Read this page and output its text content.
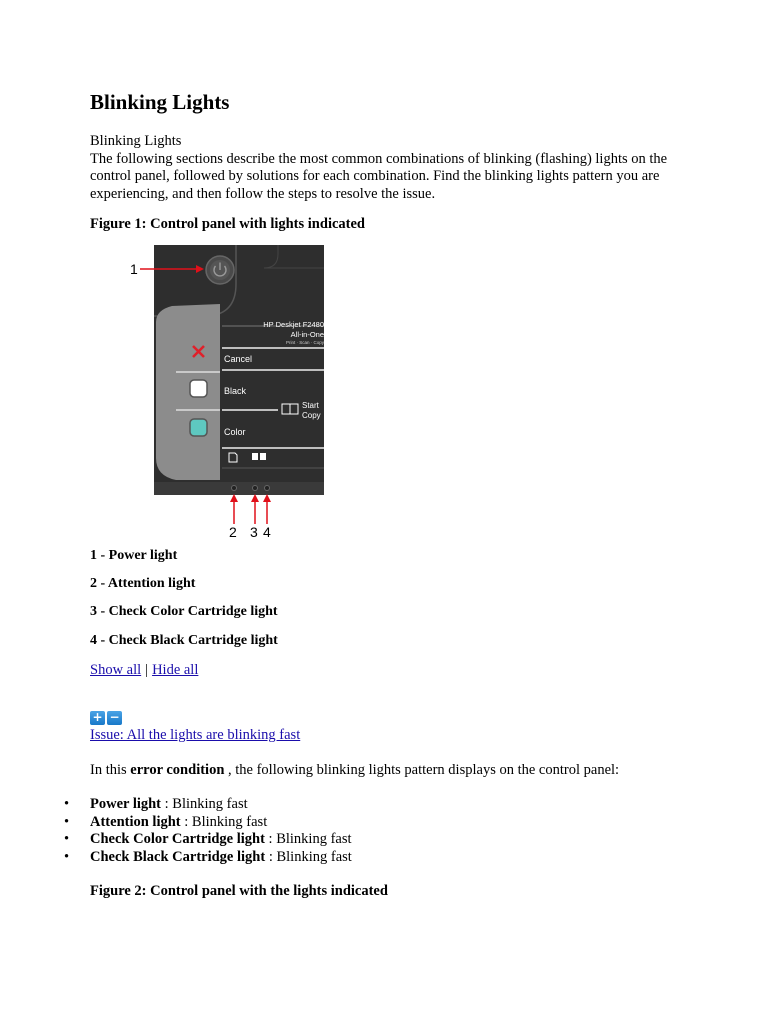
Blinking Lights

Blinking Lights
The following sections describe the most common combinations of blinking (flashing) lights on the control panel, followed by solutions for each combination. Find the blinking lights pattern you are experiencing, and then follow the steps to resolve the issue.

Figure 1: Control panel with lights indicated

HP Deskjet F2480
All-in-One
Print · Scan · Copy
Cancel
Black
Start
Copy
Color
1
2 3 4

1 - Power light

2 - Attention light

3 - Check Color Cartridge light

4 - Check Black Cartridge light

Show all | Hide all
+ −
Issue: All the lights are blinking fast

In this error condition , the following blinking lights pattern displays on the control panel:

• Power light : Blinking fast
• Attention light : Blinking fast
• Check Color Cartridge light : Blinking fast
• Check Black Cartridge light : Blinking fast

Figure 2: Control panel with the lights indicated
